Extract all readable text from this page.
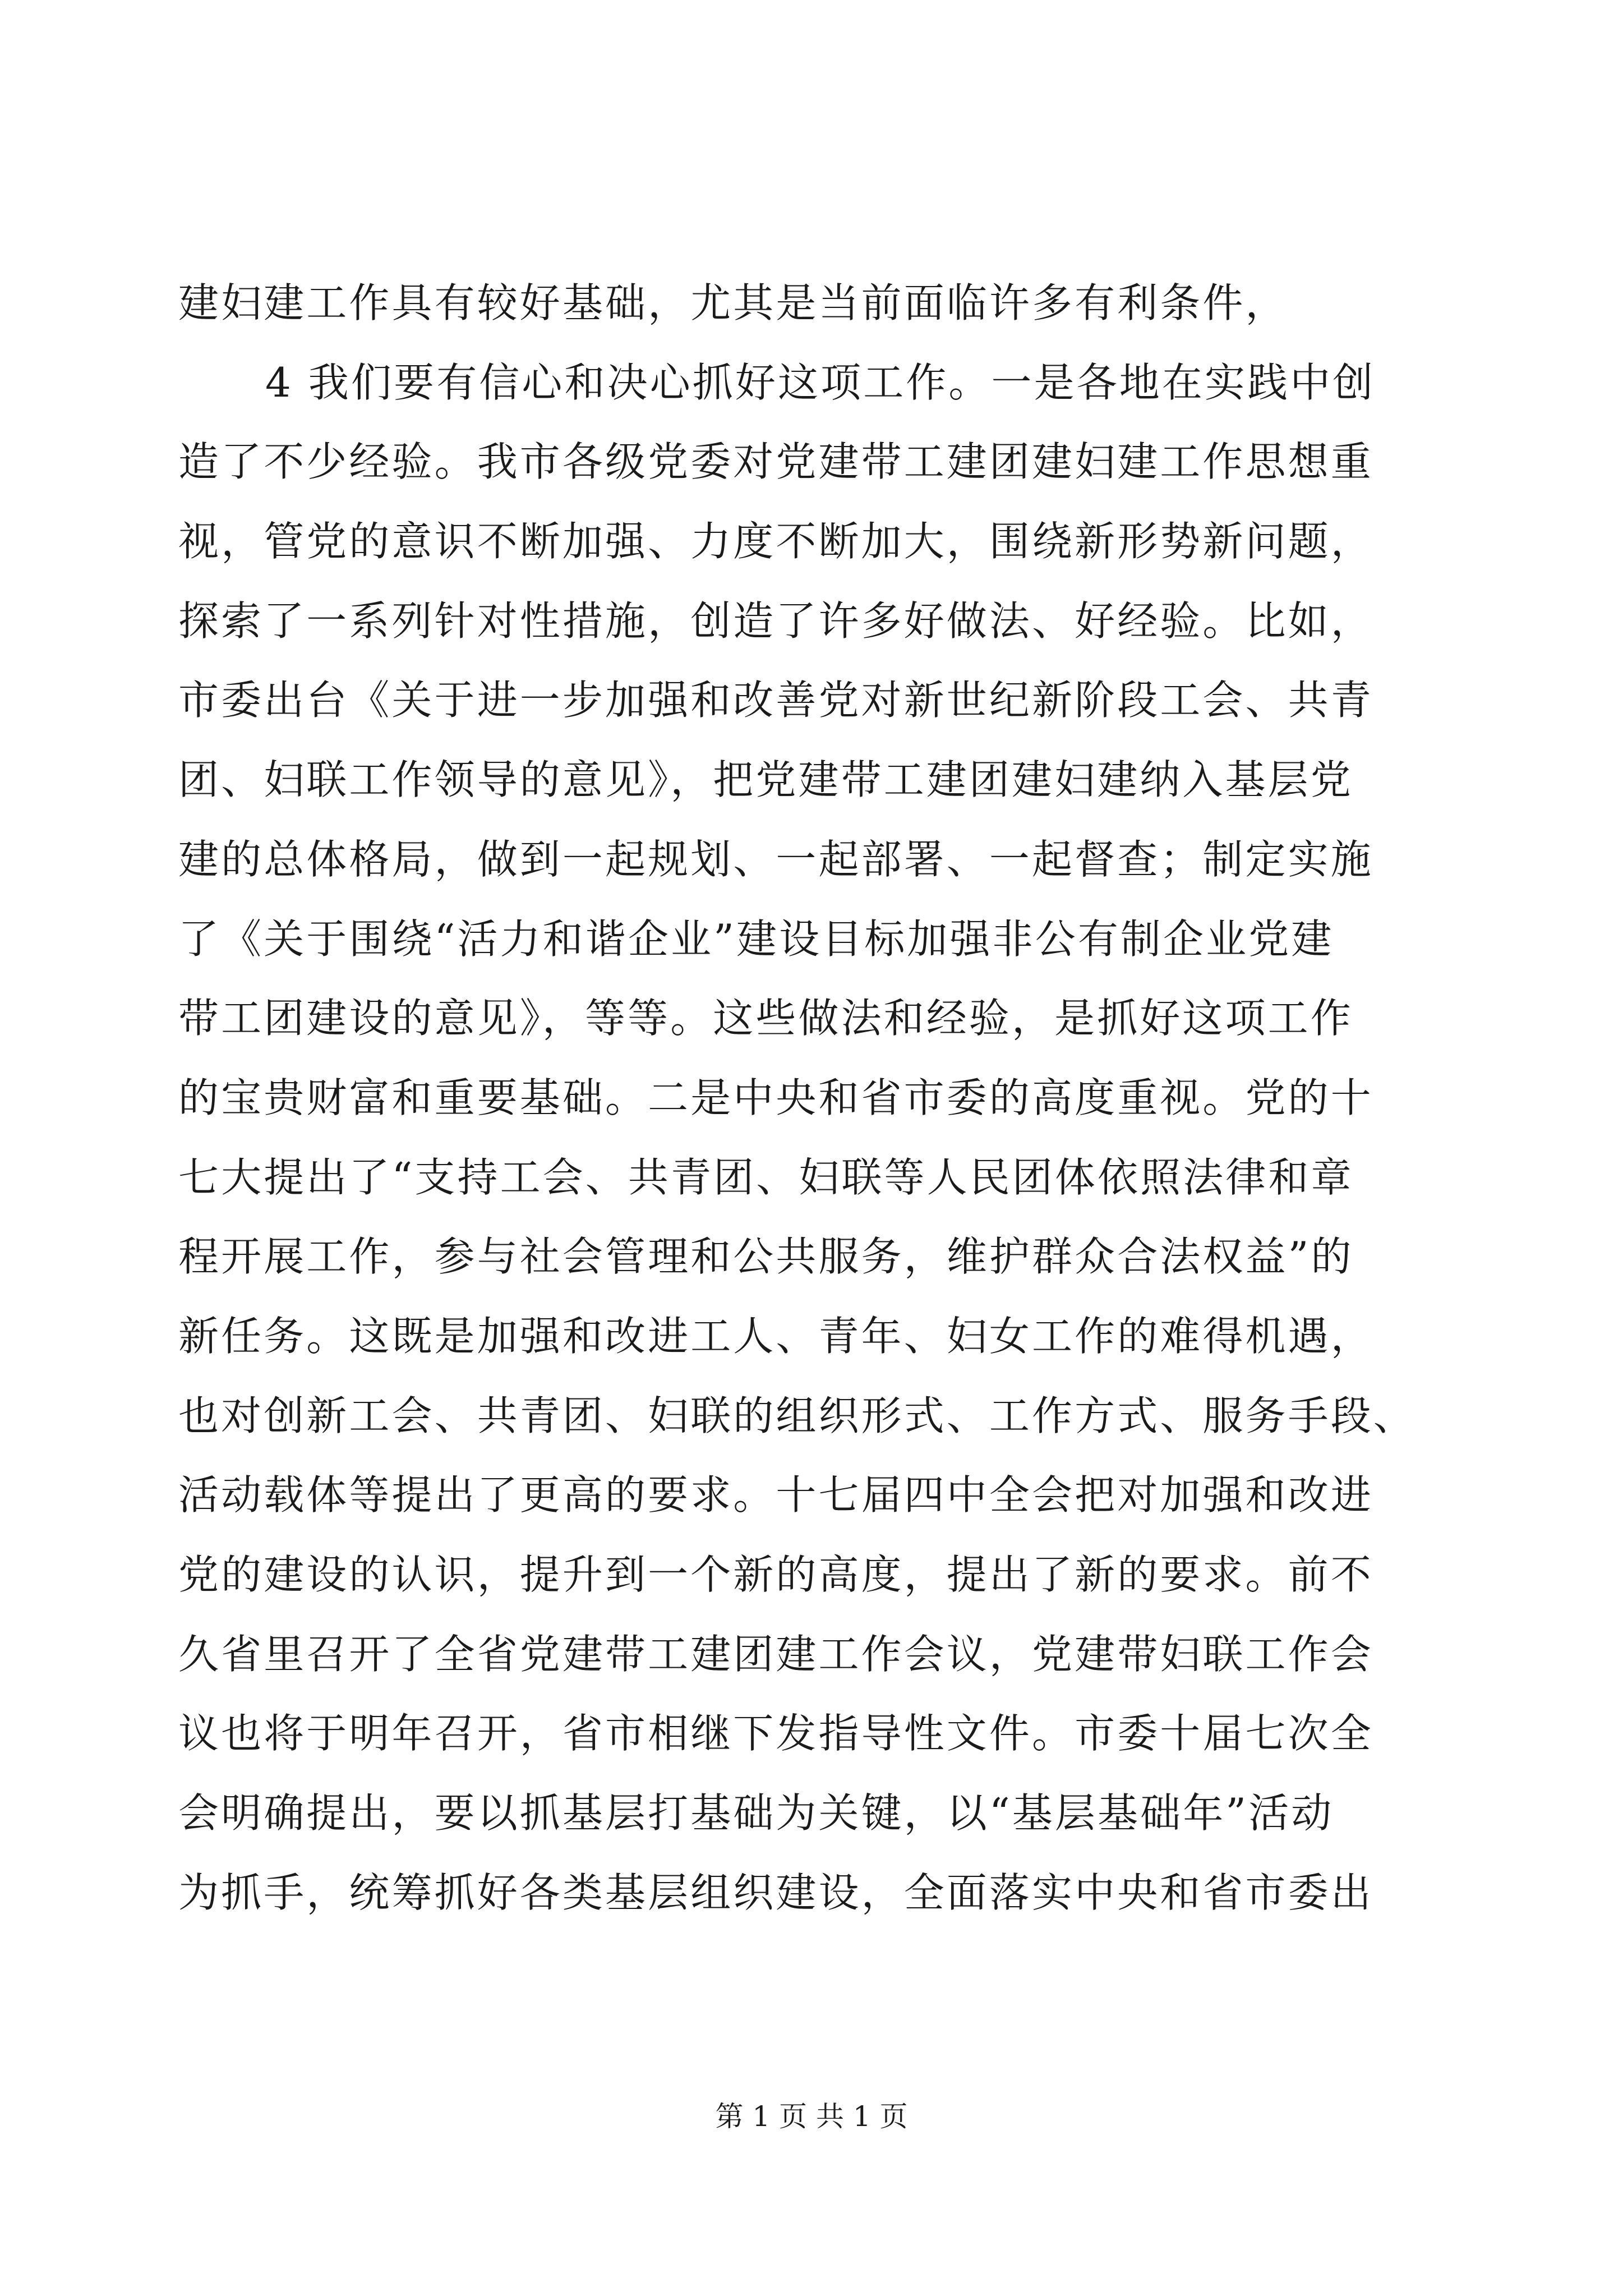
建妇建工作具有较好基础，尤其是当前面临许多有利条件，
4 我们要有信心和决心抓好这项工作。一是各地在实践中创
造了不少经验。我市各级党委对党建带工建团建妇建工作思想重
视，管党的意识不断加强、力度不断加大，围绕新形势新问题，
探索了一系列针对性措施，创造了许多好做法、好经验。比如，
市委出台《关于进一步加强和改善党对新世纪新阶段工会、共青
团、妇联工作领导的意见》，把党建带工建团建妇建纳入基层党
建的总体格局，做到一起规划、一起部署、一起督查；制定实施
了《关于围绕“活力和谐企业”建设目标加强非公有制企业党建
带工团建设的意见》，等等。这些做法和经验，是抓好这项工作
的宝贵财富和重要基础。二是中央和省市委的高度重视。党的十
七大提出了“支持工会、共青团、妇联等人民团体依照法律和章
程开展工作，参与社会管理和公共服务，维护群众合法权益”的
新任务。这既是加强和改进工人、青年、妇女工作的难得机遇，
也对创新工会、共青团、妇联的组织形式、工作方式、服务手段、
活动载体等提出了更高的要求。十七届四中全会把对加强和改进
党的建设的认识，提升到一个新的高度，提出了新的要求。前不
久省里召开了全省党建带工建团建工作会议，党建带妇联工作会
议也将于明年召开，省市相继下发指导性文件。市委十届七次全
会明确提出，要以抓基层打基础为关键，以“基层基础年”活动
为抓手，统筹抓好各类基层组织建设，全面落实中央和省市委出
第 1 页 共 1 页
